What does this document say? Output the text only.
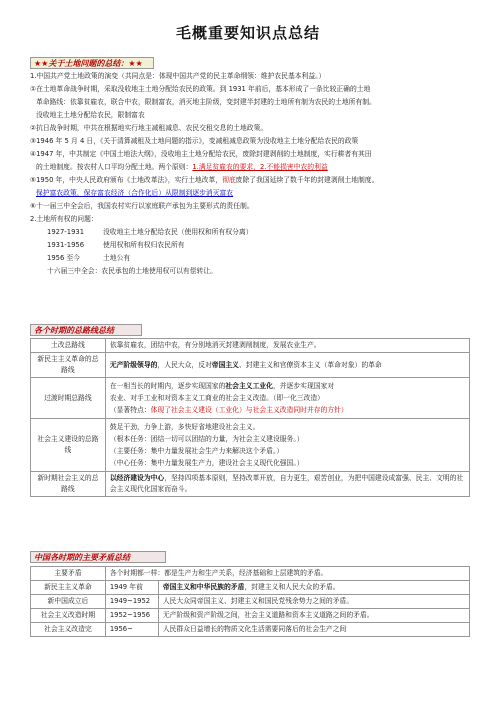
毛概重要知识点总结
★★关于土地问题的总结：★★
1.中国共产党土地政策的演变（共同点是：体现中国共产党的民主革命纲领：维护农民基本利益。）
①在土地革命战争时期，采取没收地主土地分配给农民的政策。到 1931 年前后，基本形成了一条比较正确的土地
革命路线：依靠贫雇农，联合中农，限制富农，消灭地主阶级，变封建半封建的土地所有制为农民的土地所有制。
没收地主土地分配给农民，限制富农
②抗日战争时期，中共在根据地实行地主减租减息、农民交租交息的土地政策。
③1946 年 5 月 4 日，《关于清算减租及土地问题的指示》，变减租减息政策为没收地主土地分配给农民的政策
④1947 年，中共制定《中国土地法大纲》，没收地主土地分配给农民，废除封建剥削的土地制度，实行耕者有其田
的土地制度。按农村人口平均分配土地。两个原则：1.满足贫雇农的要求，2.不能损害中农的利益
⑤1950 年，中央人民政府颁布《土地改革法》，实行土地改革，彻底废除了我国延续了数千年的封建剥削土地制度。
保护富农政策，保存富农经济（合作化后）从限制到逐步消灭富农
⑥十一届三中全会后，我国农村实行以家庭联产承包为主要形式的责任制。
2.土地所有权的问题：
1927-1931	没收地主土地分配给农民（使用权和所有权分离）
1931-1956	使用权和所有权归农民所有
1956 至今	土地公有
十六届三中全会：农民承包的土地使用权可以有偿转让。
各个时期的总路线总结
土改总路线	依靠贫雇农，团结中农，有分别地消灭封建剥削制度，发展农业生产。
新民主主义革命的总路线	无产阶级领导的，人民大众，反对帝国主义、封建主义和官僚资本主义（革命对象）的革命
过渡时期总路线	在一相当长的时期内，逐步实现国家的社会主义工业化，并逐步实现国家对
农业、对手工业和对资本主义工商业的社会主义改造。（即一化三改造）
（显著特点：体现了社会主义建设（工业化）与社会主义改造同时并存的方针）
社会主义建设的总路线	鼓足干劲，力争上游，多快好省地建设社会主义。
（根本任务：团结一切可以团结的力量，为社会主义建设服务。）
（主要任务：集中力量发展社会生产力来解决这个矛盾。）
（中心任务：集中力量发展生产力，建设社会主义现代化强国。）
新时期社会主义的总路线	以经济建设为中心，坚持四项基本原则，坚持改革开放，自力更生，艰苦创业，为把中国建设成富强、民主、文明的社会主义现代化国家而奋斗。
中国各时期的主要矛盾总结
主要矛盾	各个时期都一样：都是生产力和生产关系，经济基础和上层建筑的矛盾。	
新民主主义革命	1949 年前	帝国主义和中华民族的矛盾，封建主义和人民大众的矛盾。
新中国成立后	1949~1952	人民大众同帝国主义、封建主义和国民党残余势力之间的矛盾。
社会主义改造时期	1952~1956	无产阶级和资产阶级之间，社会主义道路和资本主义道路之间的矛盾。
社会主义改造完	1956~	人民群众日益增长的物质文化生活需要同落后的社会生产之间
